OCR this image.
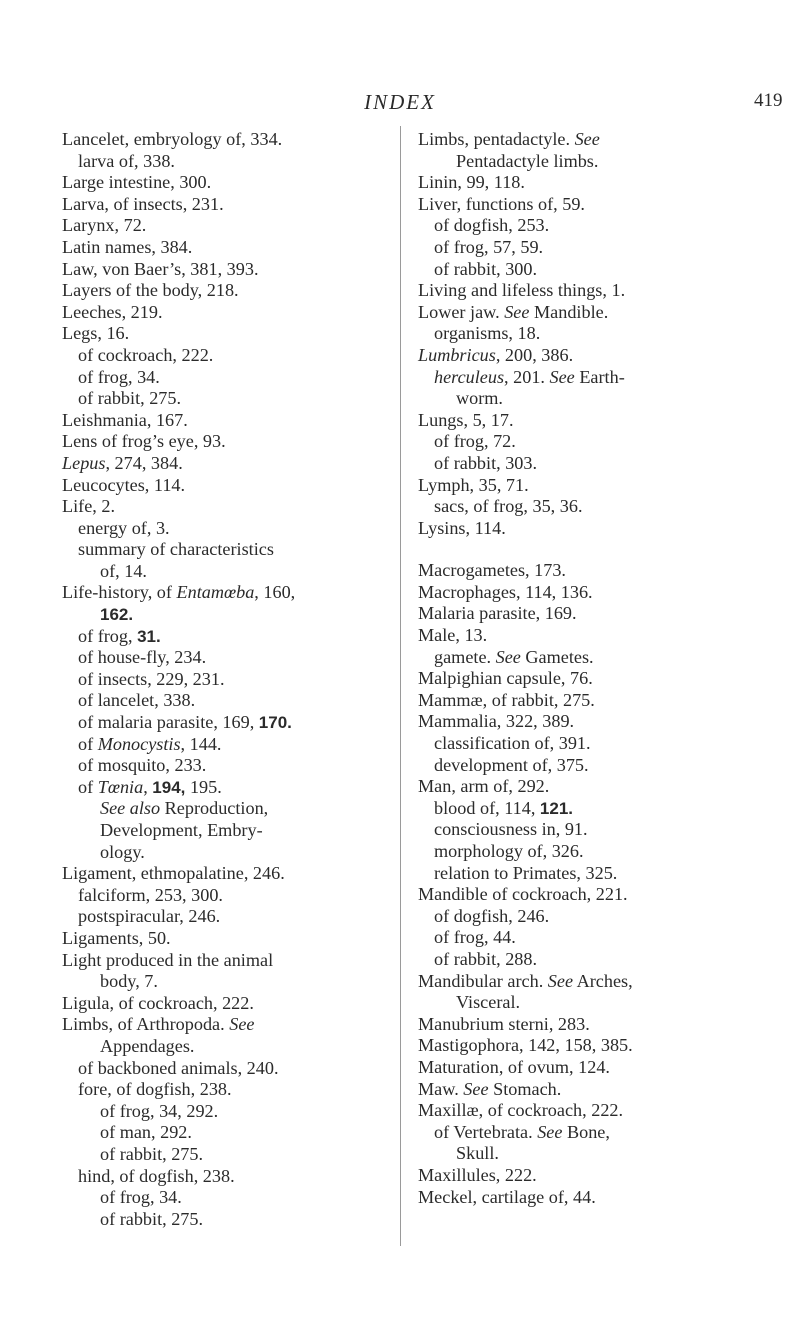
INDEX	419
Lancelet, embryology of, 334.
larva of, 338.
Large intestine, 300.
Larva, of insects, 231.
Larynx, 72.
Latin names, 384.
Law, von Baer’s, 381, 393.
Layers of the body, 218.
Leeches, 219.
Legs, 16.
of cockroach, 222.
of frog, 34.
of rabbit, 275.
Leishmania, 167.
Lens of frog’s eye, 93.
Lepus, 274, 384.
Leucocytes, 114.
Life, 2.
energy of, 3.
summary of characteristics
of, 14.
Life-history, of Entamœba, 160,
162.
of frog, 31.
of house-fly, 234.
of insects, 229, 231.
of lancelet, 338.
of malaria parasite, 169, 170.
of Monocystis, 144.
of mosquito, 233.
of Tœnia, 194, 195.
See also Reproduction,
Development, Embry-
ology.
Ligament, ethmopalatine, 246.
falciform, 253, 300.
postspiracular, 246.
Ligaments, 50.
Light produced in the animal
body, 7.
Ligula, of cockroach, 222.
Limbs, of Arthropoda. See
Appendages.
of backboned animals, 240.
fore, of dogfish, 238.
of frog, 34, 292.
of man, 292.
of rabbit, 275.
hind, of dogfish, 238.
of frog, 34.
of rabbit, 275.
Limbs, pentadactyle. See
Pentadactyle limbs.
Linin, 99, 118.
Liver, functions of, 59.
of dogfish, 253.
of frog, 57, 59.
of rabbit, 300.
Living and lifeless things, 1.
Lower jaw. See Mandible.
organisms, 18.
Lumbricus, 200, 386.
herculeus, 201. See Earth-
worm.
Lungs, 5, 17.
of frog, 72.
of rabbit, 303.
Lymph, 35, 71.
sacs, of frog, 35, 36.
Lysins, 114.
Macrogametes, 173.
Macrophages, 114, 136.
Malaria parasite, 169.
Male, 13.
gamete. See Gametes.
Malpighian capsule, 76.
Mammæ, of rabbit, 275.
Mammalia, 322, 389.
classification of, 391.
development of, 375.
Man, arm of, 292.
blood of, 114, 121.
consciousness in, 91.
morphology of, 326.
relation to Primates, 325.
Mandible of cockroach, 221.
of dogfish, 246.
of frog, 44.
of rabbit, 288.
Mandibular arch. See Arches,
Visceral.
Manubrium sterni, 283.
Mastigophora, 142, 158, 385.
Maturation, of ovum, 124.
Maw. See Stomach.
Maxillæ, of cockroach, 222.
of Vertebrata. See Bone,
Skull.
Maxillules, 222.
Meckel, cartilage of, 44.
